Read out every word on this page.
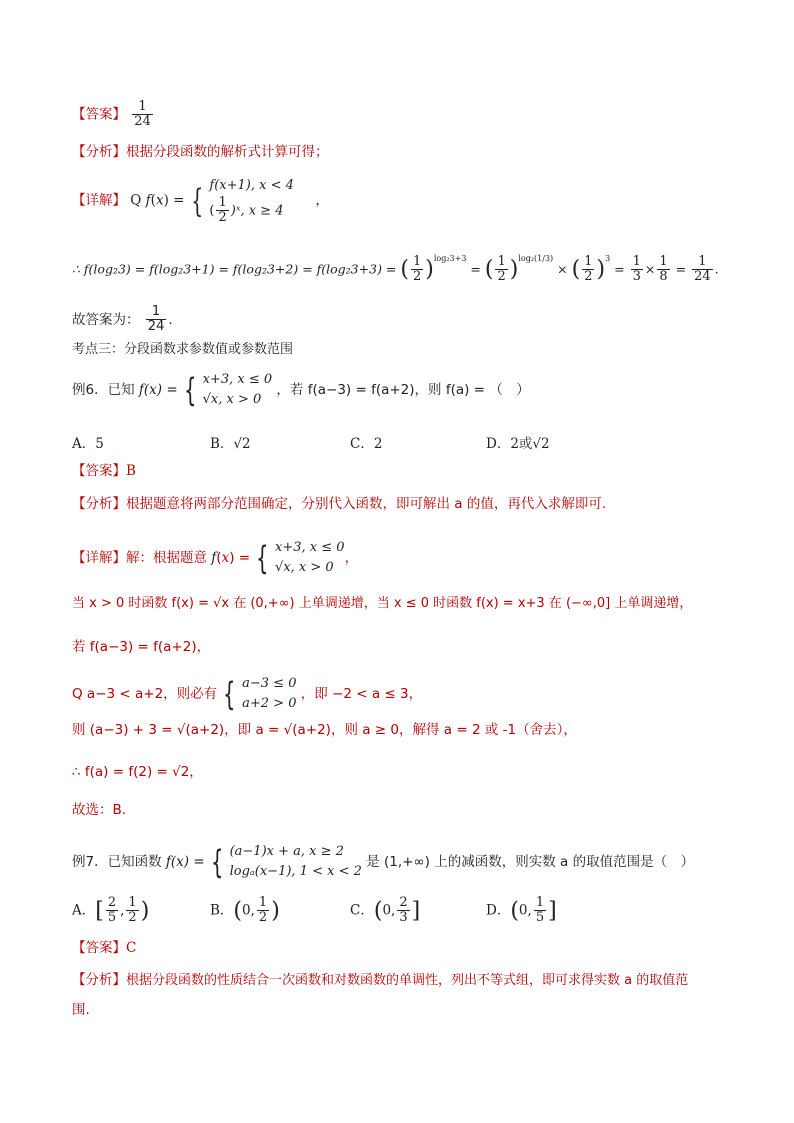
【答案】 $\frac{1}{24}$
【分析】根据分段函数的解析式计算可得；
【详解】 Q f(x) = { f(x+1), x < 4
( $\frac{1}{2}$ )ˣ, x ≥ 4     ，
∴ f(log₂3) = f(log₂3+1) = f(log₂3+2) = f(log₂3+3) = ( $\frac{1}{2} )^{log_23+3}$ = ( $\frac{1}{2} )^{log_2(1/3)}$ × ( $\frac{1}{2} )^3 = \frac{1}{3} \times \frac{1}{8} = \frac{1}{24}$ .
故答案为： $\frac{1}{24}$ .
考点三：分段函数求参数值或参数范围
例6．已知 f(x) = { x+3, x ≤ 0
√x, x > 0 ，若 f(a−3) = f(a+2)，则 f(a) = （　）
A．5	B．√2	C．2	D．2或√2
【答案】B
【分析】根据题意将两部分范围确定，分别代入函数，即可解出 a 的值，再代入求解即可.
【详解】解：根据题意 f(x) = { x+3, x ≤ 0
√x, x > 0，
当 x > 0 时函数 f(x) = √x 在 (0,+∞) 上单调递增，当 x ≤ 0 时函数 f(x) = x+3 在 (−∞,0] 上单调递增，
若 f(a−3) = f(a+2)，
Q a−3 < a+2，则必有 { a−3 ≤ 0
a+2 > 0 ，即 −2 < a ≤ 3，
则 (a−3) + 3 = √(a+2)，即 a = √(a+2)，则 a ≥ 0，解得 a = 2 或 -1（舍去），
∴ f(a) = f(2) = √2，
故选：B.
例7．已知函数 f(x) = { (a−1)x + a, x ≥ 2
logₐ(x−1), 1 < x < 2 是 (1,+∞) 上的减函数，则实数 a 的取值范围是（　）
A．[ $\frac{2}{5}$ , $\frac{1}{2}$ )	B．(0, $\frac{1}{2}$ )	C．(0, $\frac{2}{3}$ ]	D．(0, $\frac{1}{5}$ ]
【答案】C
【分析】根据分段函数的性质结合一次函数和对数函数的单调性，列出不等式组，即可求得实数 a 的取值范
围.
